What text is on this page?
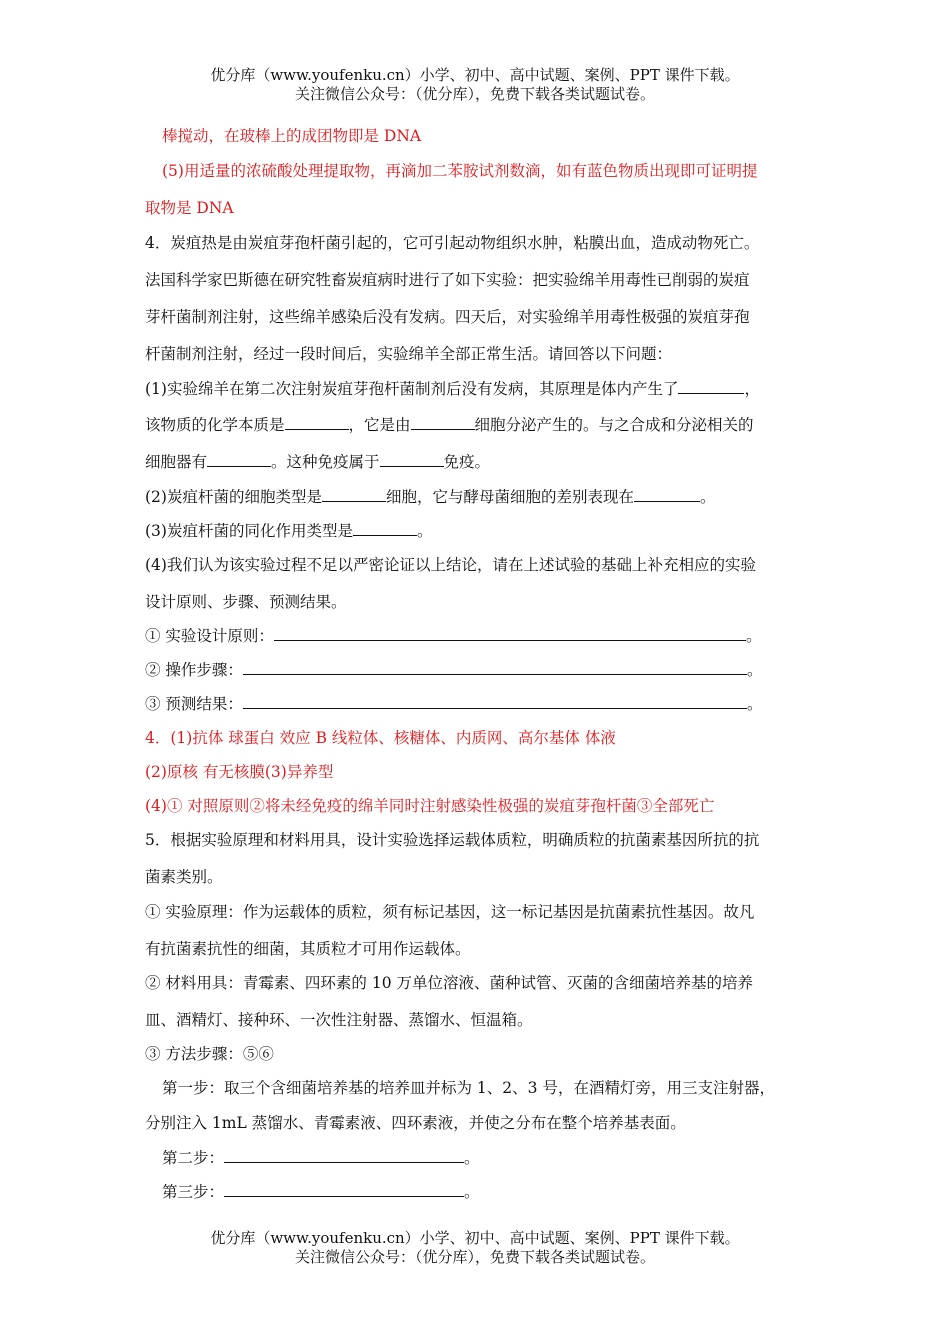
优分库（www.youfenku.cn）小学、初中、高中试题、案例、PPT 课件下载。
关注微信公众号：（优分库），免费下载各类试题试卷。
棒搅动，在玻棒上的成团物即是 DNA
(5)用适量的浓硫酸处理提取物，再滴加二苯胺试剂数滴，如有蓝色物质出现即可证明提
取物是 DNA
4．炭疽热是由炭疽芽孢杆菌引起的，它可引起动物组织水肿，粘膜出血，造成动物死亡。
法国科学家巴斯德在研究牲畜炭疽病时进行了如下实验：把实验绵羊用毒性已削弱的炭疽
芽杆菌制剂注射，这些绵羊感染后没有发病。四天后，对实验绵羊用毒性极强的炭疽芽孢
杆菌制剂注射，经过一段时间后，实验绵羊全部正常生活。请回答以下问题：
(1)实验绵羊在第二次注射炭疽芽孢杆菌制剂后没有发病，其原理是体内产生了	，
该物质的化学本质是	，它是由	细胞分泌产生的。与之合成和分泌相关的
细胞器有	。这种免疫属于	免疫。
(2)炭疽杆菌的细胞类型是	细胞，它与酵母菌细胞的差别表现在	。
(3)炭疽杆菌的同化作用类型是	。
(4)我们认为该实验过程不足以严密论证以上结论，请在上述试验的基础上补充相应的实验
设计原则、步骤、预测结果。
① 实验设计原则：	。
② 操作步骤：	。
③ 预测结果：	。
4．(1)抗体 球蛋白 效应 B 线粒体、核糖体、内质网、高尔基体 体液
(2)原核 有无核膜(3)异养型
(4)① 对照原则②将未经免疫的绵羊同时注射感染性极强的炭疽芽孢杆菌③全部死亡
5．根据实验原理和材料用具，设计实验选择运载体质粒，明确质粒的抗菌素基因所抗的抗
菌素类别。
① 实验原理：作为运载体的质粒，须有标记基因，这一标记基因是抗菌素抗性基因。故凡
有抗菌素抗性的细菌，其质粒才可用作运载体。
② 材料用具：青霉素、四环素的 10 万单位溶液、菌种试管、灭菌的含细菌培养基的培养
皿、酒精灯、接种环、一次性注射器、蒸馏水、恒温箱。
③ 方法步骤：⑤⑥
第一步：取三个含细菌培养基的培养皿并标为 1、2、3 号，在酒精灯旁，用三支注射器，
分别注入 1mL 蒸馏水、青霉素液、四环素液，并使之分布在整个培养基表面。
第二步：	。
第三步：	。
优分库（www.youfenku.cn）小学、初中、高中试题、案例、PPT 课件下载。
关注微信公众号：（优分库），免费下载各类试题试卷。
